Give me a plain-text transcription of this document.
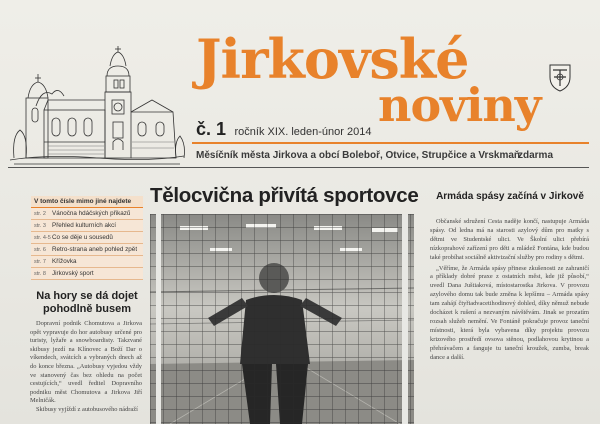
Jirkovské
noviny
č. 1 ročník XIX. leden-únor 2014
Měsíčník města Jirkova a obcí Boleboř, Otvice, Strupčice a Vrskmaň
zdarma
V tomto čísle mimo jiné najdete
str. 2 Vánočna hdáčských přikazů
str. 3 Přehled kulturních akcí
str. 4-5 Co se děje u sousedů
str. 6 Retro-strana aneb pohled zpět
str. 7 Křížovka
str. 8 Jirkovský sport
Na hory se dá dojet pohodlně busem

Dopravní podnik Chomutova a Jirkova opět vypravuje do hor autobusy určené pro turisty, lyžaře a snowboardisty. Takzvané skibusy jezdí na Klínovec a Boží Dar o víkendech, svátcích a vybraných dnech až do konce března. „Autobusy vyjedou vždy ve stanovený čas bez ohledu na počet cestujících,“ uvedl ředitel Dopravního podniku měst Chomutova a Jirkova Jiří Melničák.

Skibusy vyjíždí z autobusového nádraží

Tělocvična přivítá sportovce	Armáda spásy začíná v Jirkově

Občanské sdružení Cesta naděje končí, nastupuje Armáda spásy. Od ledna má na starosti azylový dům pro matky s dětmi ve Studentské ulici. Ve Školní ulici přebírá nízkoprahové zařízení pro děti a mládež Fontána, kde budou také probíhat sociálně aktivizační služby pro rodiny s dětmi.

„Věříme, že Armáda spásy přinese zkušenosti ze zahraničí a příklady dobré praxe z ostatních měst, kde již působí,“ uvedl Dana Juštiaková, místostarostka Jirkova. V provozu azylového domu tak bude změna k lepšímu – Armáda spásy tam zahájí čtyřiadvacetihodinový dohled, díky němuž nebude docházet k rušení a nezvaným návštěvám. Jinak se prozatím rozsah služeb nemění. Ve Fontáně pokračuje provoz taneční místnosti, která byla vybavena díky projektu provozu krizového prostředí ovsova stěnou, podlahovou krytinou a přehrávačem a fanguje tu taneční kroužek, zumba, break dance a další.
